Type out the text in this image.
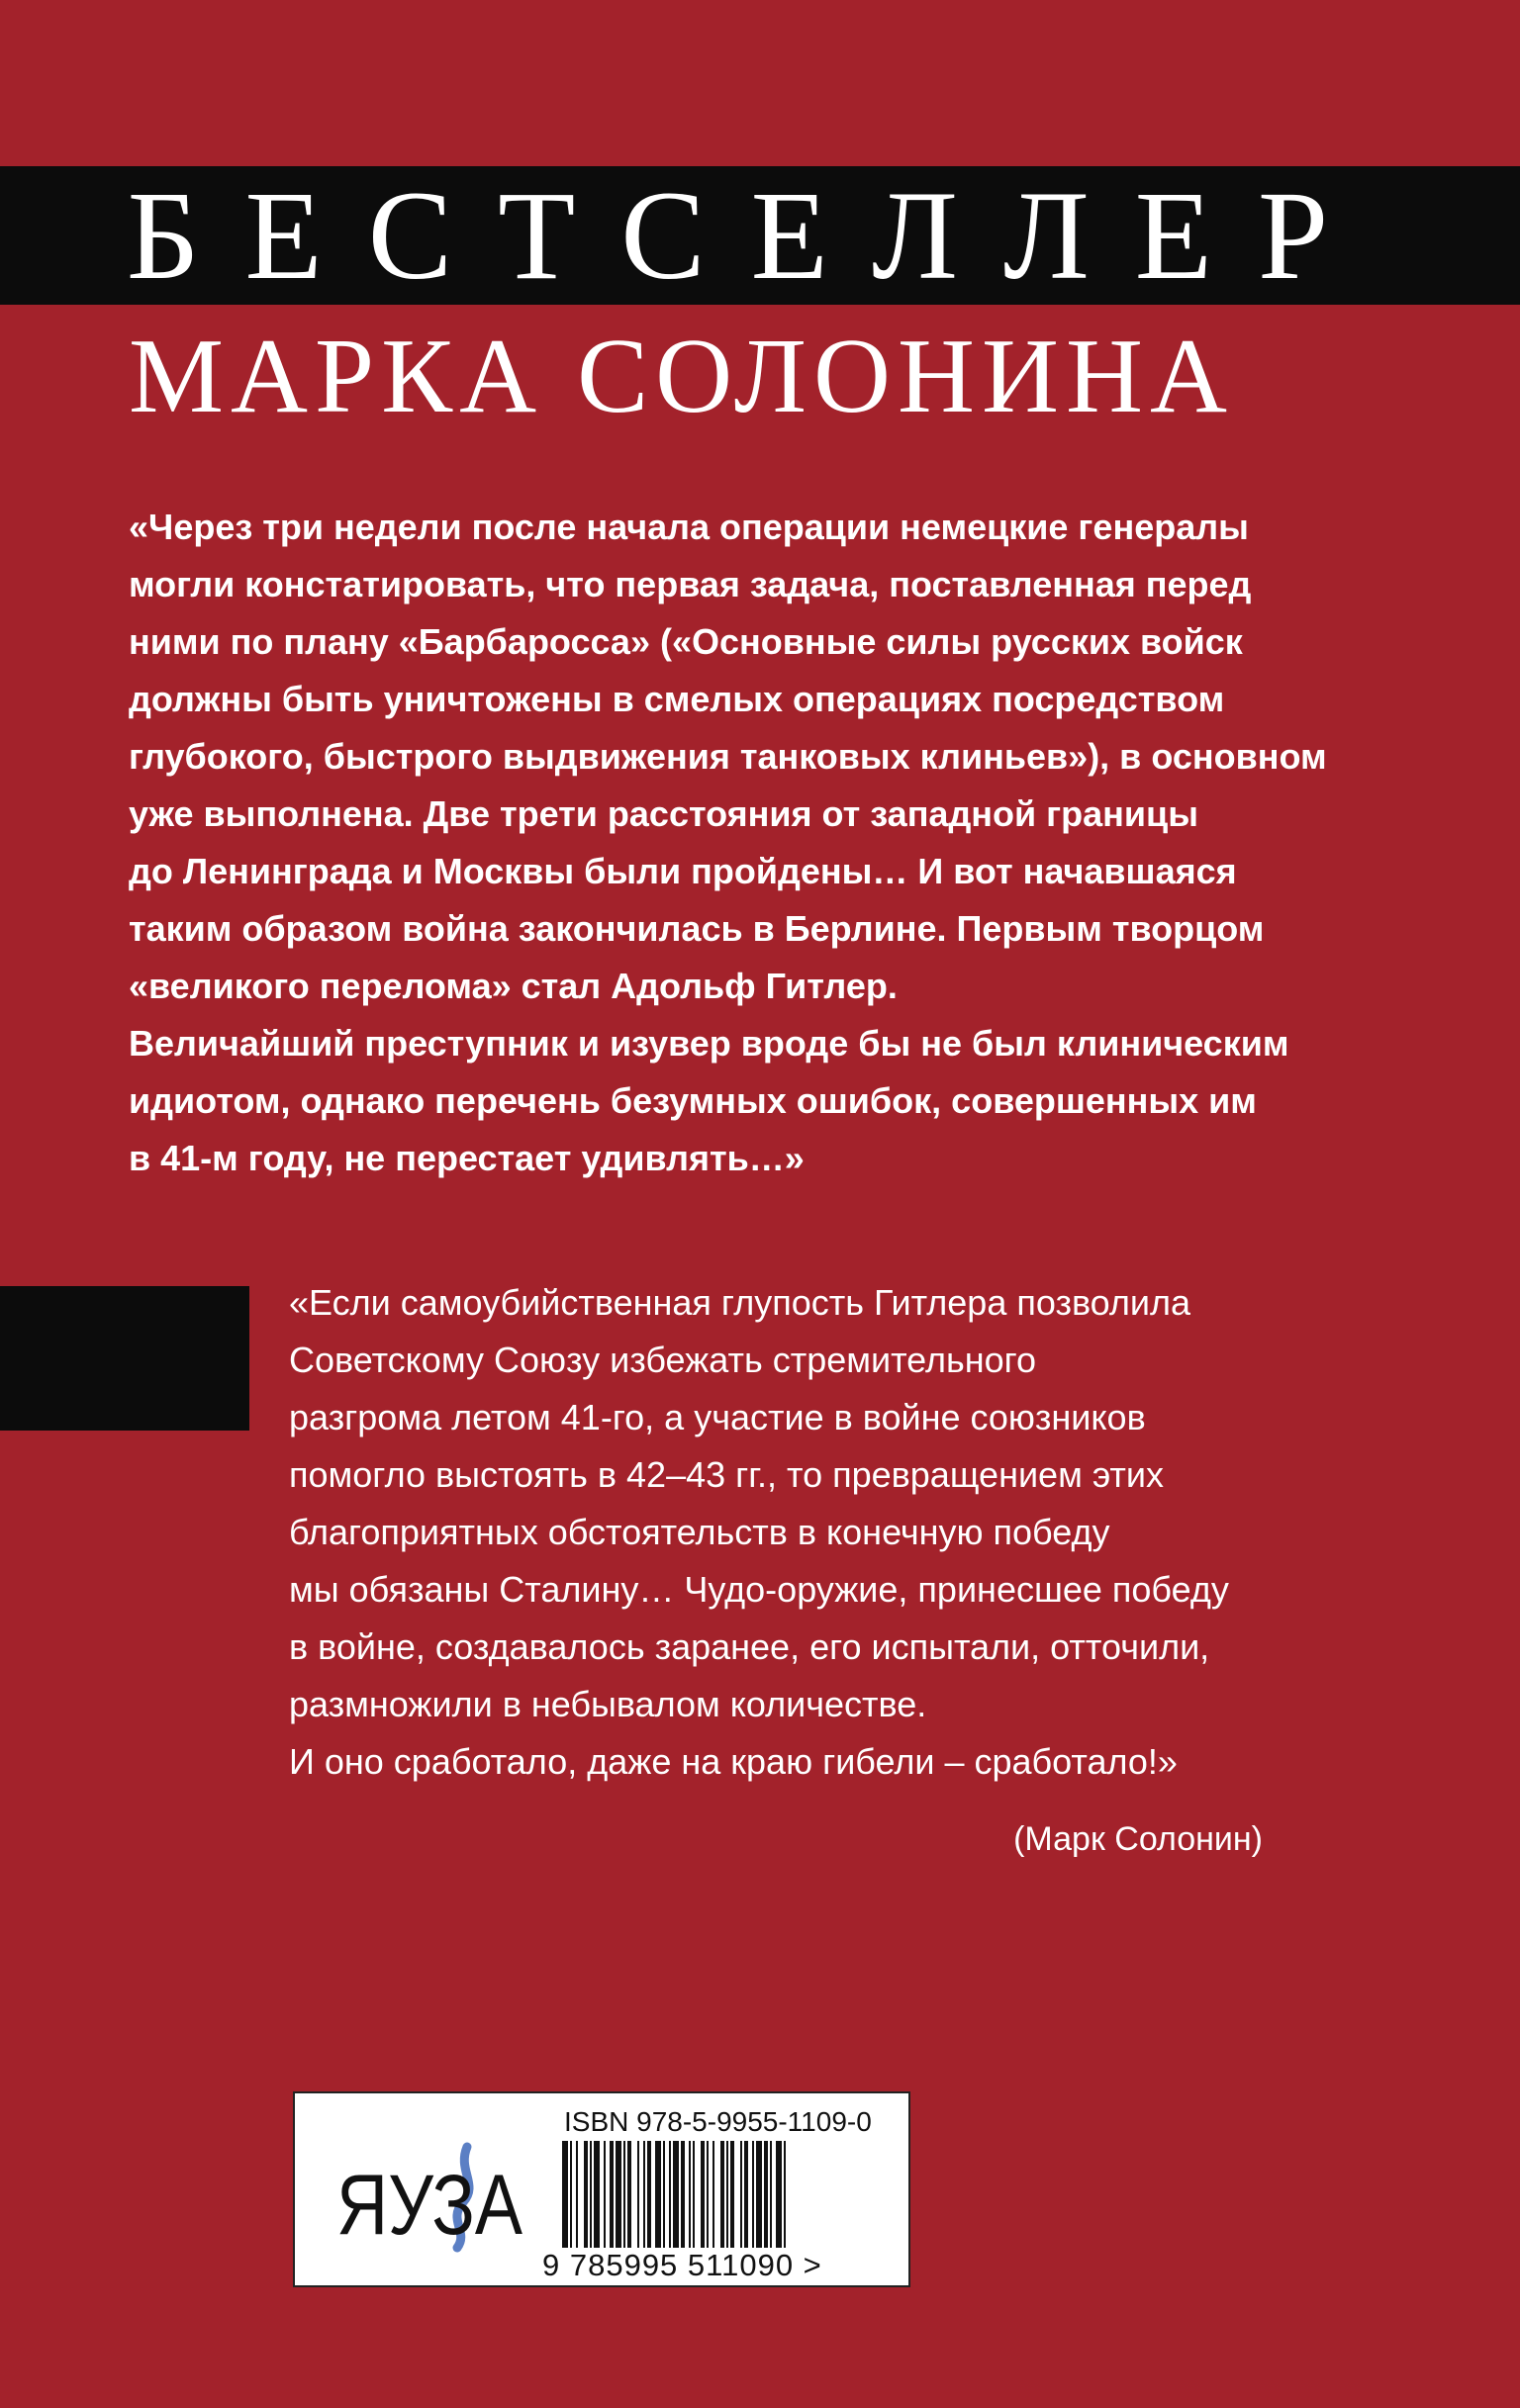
БЕСТСЕЛЛЕР
МАРКА СОЛОНИНА
«Через три недели после начала операции немецкие генералы
могли констатировать, что первая задача, поставленная перед
ними по плану «Барбаросса» («Основные силы русских войск
должны быть уничтожены в смелых операциях посредством
глубокого, быстрого выдвижения танковых клиньев»), в основном
уже выполнена. Две трети расстояния от западной границы
до Ленинграда и Москвы были пройдены… И вот начавшаяся
таким образом война закончилась в Берлине. Первым творцом
«великого перелома» стал Адольф Гитлер.
Величайший преступник и изувер вроде бы не был клиническим
идиотом, однако перечень безумных ошибок, совершенных им
в 41-м году, не перестает удивлять…»
«Если самоубийственная глупость Гитлера позволила
Советскому Союзу избежать стремительного
разгрома летом 41-го, а участие в войне союзников
помогло выстоять в 42–43 гг., то превращением этих
благоприятных обстоятельств в конечную победу
мы обязаны Сталину… Чудо-оружие, принесшее победу
в войне, создавалось заранее, его испытали, отточили,
размножили в небывалом количестве.
И оно сработало, даже на краю гибели – сработало!»
(Марк Солонин)
ЯУЗА
ISBN 978-5-9955-1109-0
9 785995 511090 >
